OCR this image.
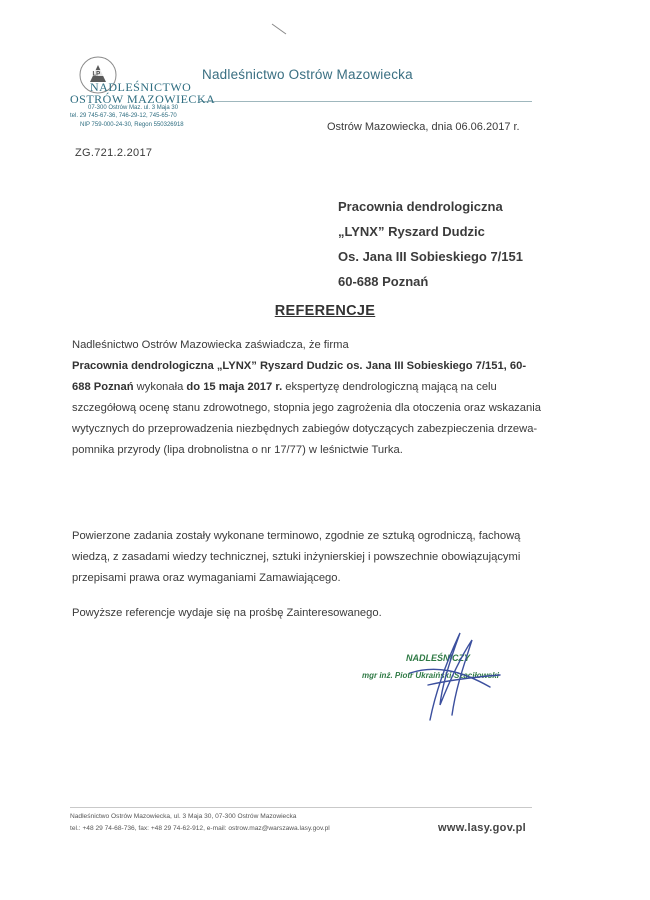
LP	Nadleśnictwo Ostrów Mazowiecka
NADLEŚNICTWO
OSTRÓW MAZOWIECKA
07-300 Ostrów Maz. ul. 3 Maja 30
tel. 29 745-67-36, 746-29-12, 745-65-70
NIP 759-000-24-30, Regon 550326918	Ostrów Mazowiecka, dnia 06.06.2017 r.
ZG.721.2.2017
Pracownia dendrologiczna
„LYNX” Ryszard Dudzic
Os. Jana III Sobieskiego 7/151
60-688 Poznań
REFERENCJE
Nadleśnictwo Ostrów Mazowiecka zaświadcza, że firma
Pracownia dendrologiczna „LYNX” Ryszard Dudzic os. Jana III Sobieskiego 7/151, 60-688 Poznań wykonała do 15 maja 2017 r. ekspertyzę dendrologiczną mającą na celu szczegółową ocenę stanu zdrowotnego, stopnia jego zagrożenia dla otoczenia oraz wskazania wytycznych do przeprowadzenia niezbędnych zabiegów dotyczących zabezpieczenia drzewa- pomnika przyrody (lipa drobnolistna o nr 17/77) w leśnictwie Turka.
Powierzone zadania zostały wykonane terminowo, zgodnie ze sztuką ogrodniczą, fachową wiedzą, z zasadami wiedzy technicznej, sztuki inżynierskiej i powszechnie obowiązującymi przepisami prawa oraz wymaganiami Zamawiającego.
Powyższe referencje wydaje się na prośbę Zainteresowanego.
NADLEŚNICZY
mgr inż. Piotr Ukraiński-Szaciłowski
Nadleśnictwo Ostrów Mazowiecka, ul. 3 Maja 30, 07-300 Ostrów Mazowiecka
tel.: +48 29 74-68-736, fax: +48 29 74-62-912, e-mail: ostrow.maz@warszawa.lasy.gov.pl	www.lasy.gov.pl
